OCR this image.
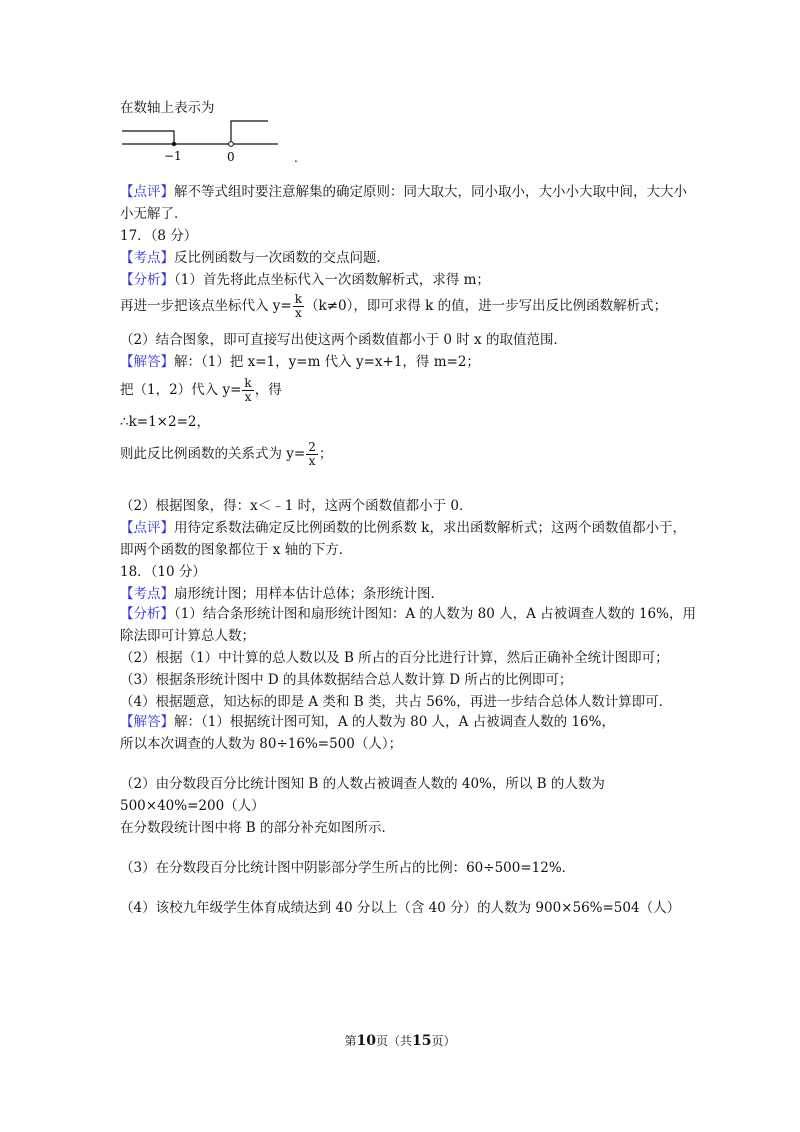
在数轴上表示为
−1	0	.
【点评】解不等式组时要注意解集的确定原则：同大取大，同小取小，大小小大取中间，大大小
小无解了．
17．（8 分）
【考点】反比例函数与一次函数的交点问题．
【分析】（1）首先将此点坐标代入一次函数解析式，求得 m；
再进一步把该点坐标代入 $y= \frac{k}{x} (k\ne 0)$，即可求得 k 的值，进一步写出反比例函数解析式；
（2）结合图象，即可直接写出使这两个函数值都小于 0 时 x 的取值范围．
【解答】解：（1）把 x=1，y=m 代入 y=x+1，得 m=2；
把（1，2）代入 $y= \frac{k}{x}$ ，得
∴k=1×2=2，
则此反比例函数的关系式为 $y= \frac{2}{x}$ ；
（2）根据图象，得：x＜﹣1 时，这两个函数值都小于 0．
【点评】用待定系数法确定反比例函数的比例系数 k，求出函数解析式；这两个函数值都小于，
即两个函数的图象都位于 x 轴的下方．
18．（10 分）
【考点】扇形统计图；用样本估计总体；条形统计图．
【分析】（1）结合条形统计图和扇形统计图知：A 的人数为 80 人，A 占被调查人数的 16%，用
除法即可计算总人数；
（2）根据（1）中计算的总人数以及 B 所占的百分比进行计算，然后正确补全统计图即可；
（3）根据条形统计图中 D 的具体数据结合总人数计算 D 所占的比例即可；
（4）根据题意，知达标的即是 A 类和 B 类，共占 56%，再进一步结合总体人数计算即可．
【解答】解：（1）根据统计图可知，A 的人数为 80 人，A 占被调查人数的 16%，
所以本次调查的人数为 80÷16%=500（人）；
（2）由分数段百分比统计图知 B 的人数占被调查人数的 40%，所以 B 的人数为
500×40%=200（人）
在分数段统计图中将 B 的部分补充如图所示．
（3）在分数段百分比统计图中阴影部分学生所占的比例：60÷500=12%．
（4）该校九年级学生体育成绩达到 40 分以上（含 40 分）的人数为 900×56%=504（人）
第10页（共15页）
